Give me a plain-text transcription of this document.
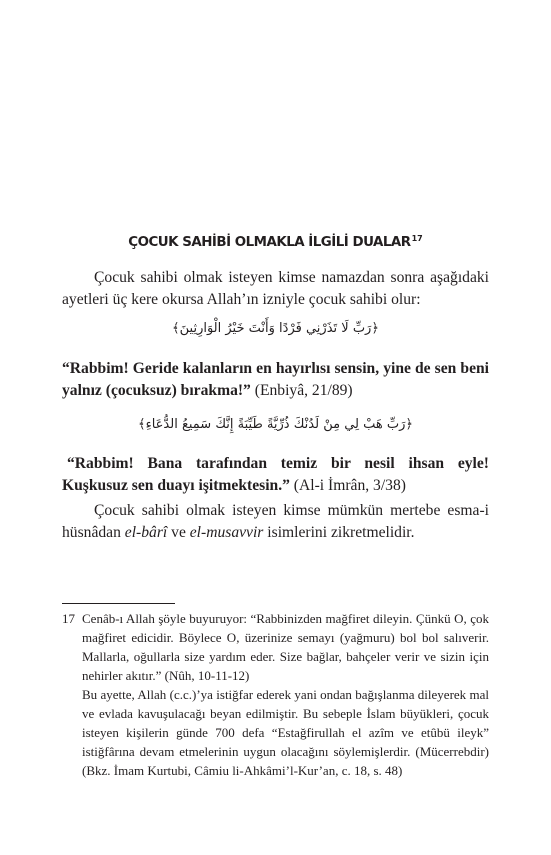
ÇOCUK SAHİBİ OLMAKLA İLGİLİ DUALAR$^{17}$

Çocuk sahibi olmak isteyen kimse namazdan sonra aşağıdaki ayetleri üç kere okursa Allah’ın izniyle çocuk sahibi olur:

﴿رَبِّ لَا تَذَرْنِي فَرْدًا وَأَنْتَ خَيْرُ الْوَارِثِينَ﴾

“Rabbim! Geride kalanların en hayırlısı sensin, yine de sen beni yalnız (çocuksuz) bırakma!” (Enbiyâ, 21/89)

﴿رَبِّ هَبْ لِي مِنْ لَدُنْكَ ذُرِّيَّةً طَيِّبَةً إِنَّكَ سَمِيعُ الدُّعَاءِ﴾

“Rabbim! Bana tarafından temiz bir nesil ihsan eyle! Kuşkusuz sen duayı işitmektesin.” (Al-i İmrân, 3/38)

Çocuk sahibi olmak isteyen kimse mümkün mertebe esma-i hüsnâdan el-bârî ve el-musavvir isimlerini zikretmelidir.

17 Cenâb-ı Allah şöyle buyuruyor: “Rabbinizden mağfiret dileyin. Çünkü O, çok mağfiret edicidir. Böylece O, üzerinize semayı (yağmuru) bol bol salıverir. Mallarla, oğullarla size yardım eder. Size bağlar, bahçeler verir ve sizin için nehirler akıtır.” (Nûh, 10-11-12)

Bu ayette, Allah (c.c.)’ya istiğfar ederek yani ondan bağışlanma dileyerek mal ve evlada kavuşulacağı beyan edilmiştir. Bu sebeple İslam büyükleri, çocuk isteyen kişilerin günde 700 defa “Estağfirullah el azîm ve etûbü ileyk” istiğfârına devam etmelerinin uygun olacağını söylemişlerdir. (Mücerrebdir) (Bkz. İmam Kurtubi, Câmiu li-Ahkâmi’l-Kur’an, c. 18, s. 48)
